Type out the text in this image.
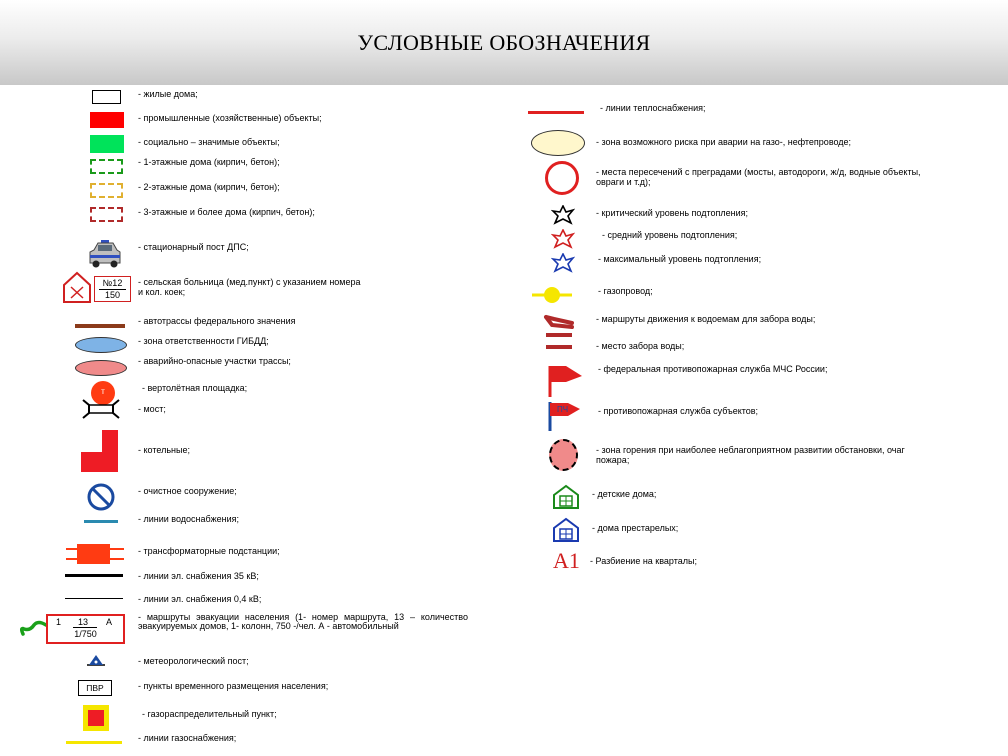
УСЛОВНЫЕ ОБОЗНАЧЕНИЯ
- жилые дома;
- промышленные (хозяйственные) объекты;
- социально – значимые объекты;
- 1-этажные дома (кирпич, бетон);
- 2-этажные дома (кирпич, бетон);
- 3-этажные и более дома (кирпич, бетон);
- стационарный пост ДПС;
№12
150
- сельская больница (мед.пункт) с указанием номера и кол. коек;
- автотрассы федерального значения
- зона ответственности ГИБДД;
- аварийно-опасные участки трассы;
т	- вертолётная площадка;
- мост;
- котельные;
- очистное сооружение;
- линии водоснабжения;
- трансформаторные подстанции;
- линии эл. снабжения 35 кВ;
- линии эл. снабжения 0,4 кВ;
1 13 А
1/750
- маршруты эвакуации населения (1- номер маршрута, 13 – количество эвакуируемых домов, 1- колонн, 750 -/чел. А - автомобильный
- метеорологический пост;
ПВР	- пункты временного размещения населения;
- газораспределительный пункт;
- линии газоснабжения;
- линии теплоснабжения;
- зона возможного риска при аварии на газо-, нефтепроводе;
- места пересечений с преградами (мосты, автодороги, ж/д, водные объекты, овраги и т.д);
- критический уровень подтопления;
- средний уровень подтопления;
- максимальный уровень подтопления;
- газопровод;
- маршруты движения к водоемам для забора воды;
- место забора воды;
- федеральная противопожарная служба МЧС России;
ПЧ	- противопожарная служба субъектов;
- зона горения при наиболее неблагоприятном развитии обстановки, очаг пожара;
- детские дома;
- дома престарелых;
А1 - Разбиение на кварталы;
